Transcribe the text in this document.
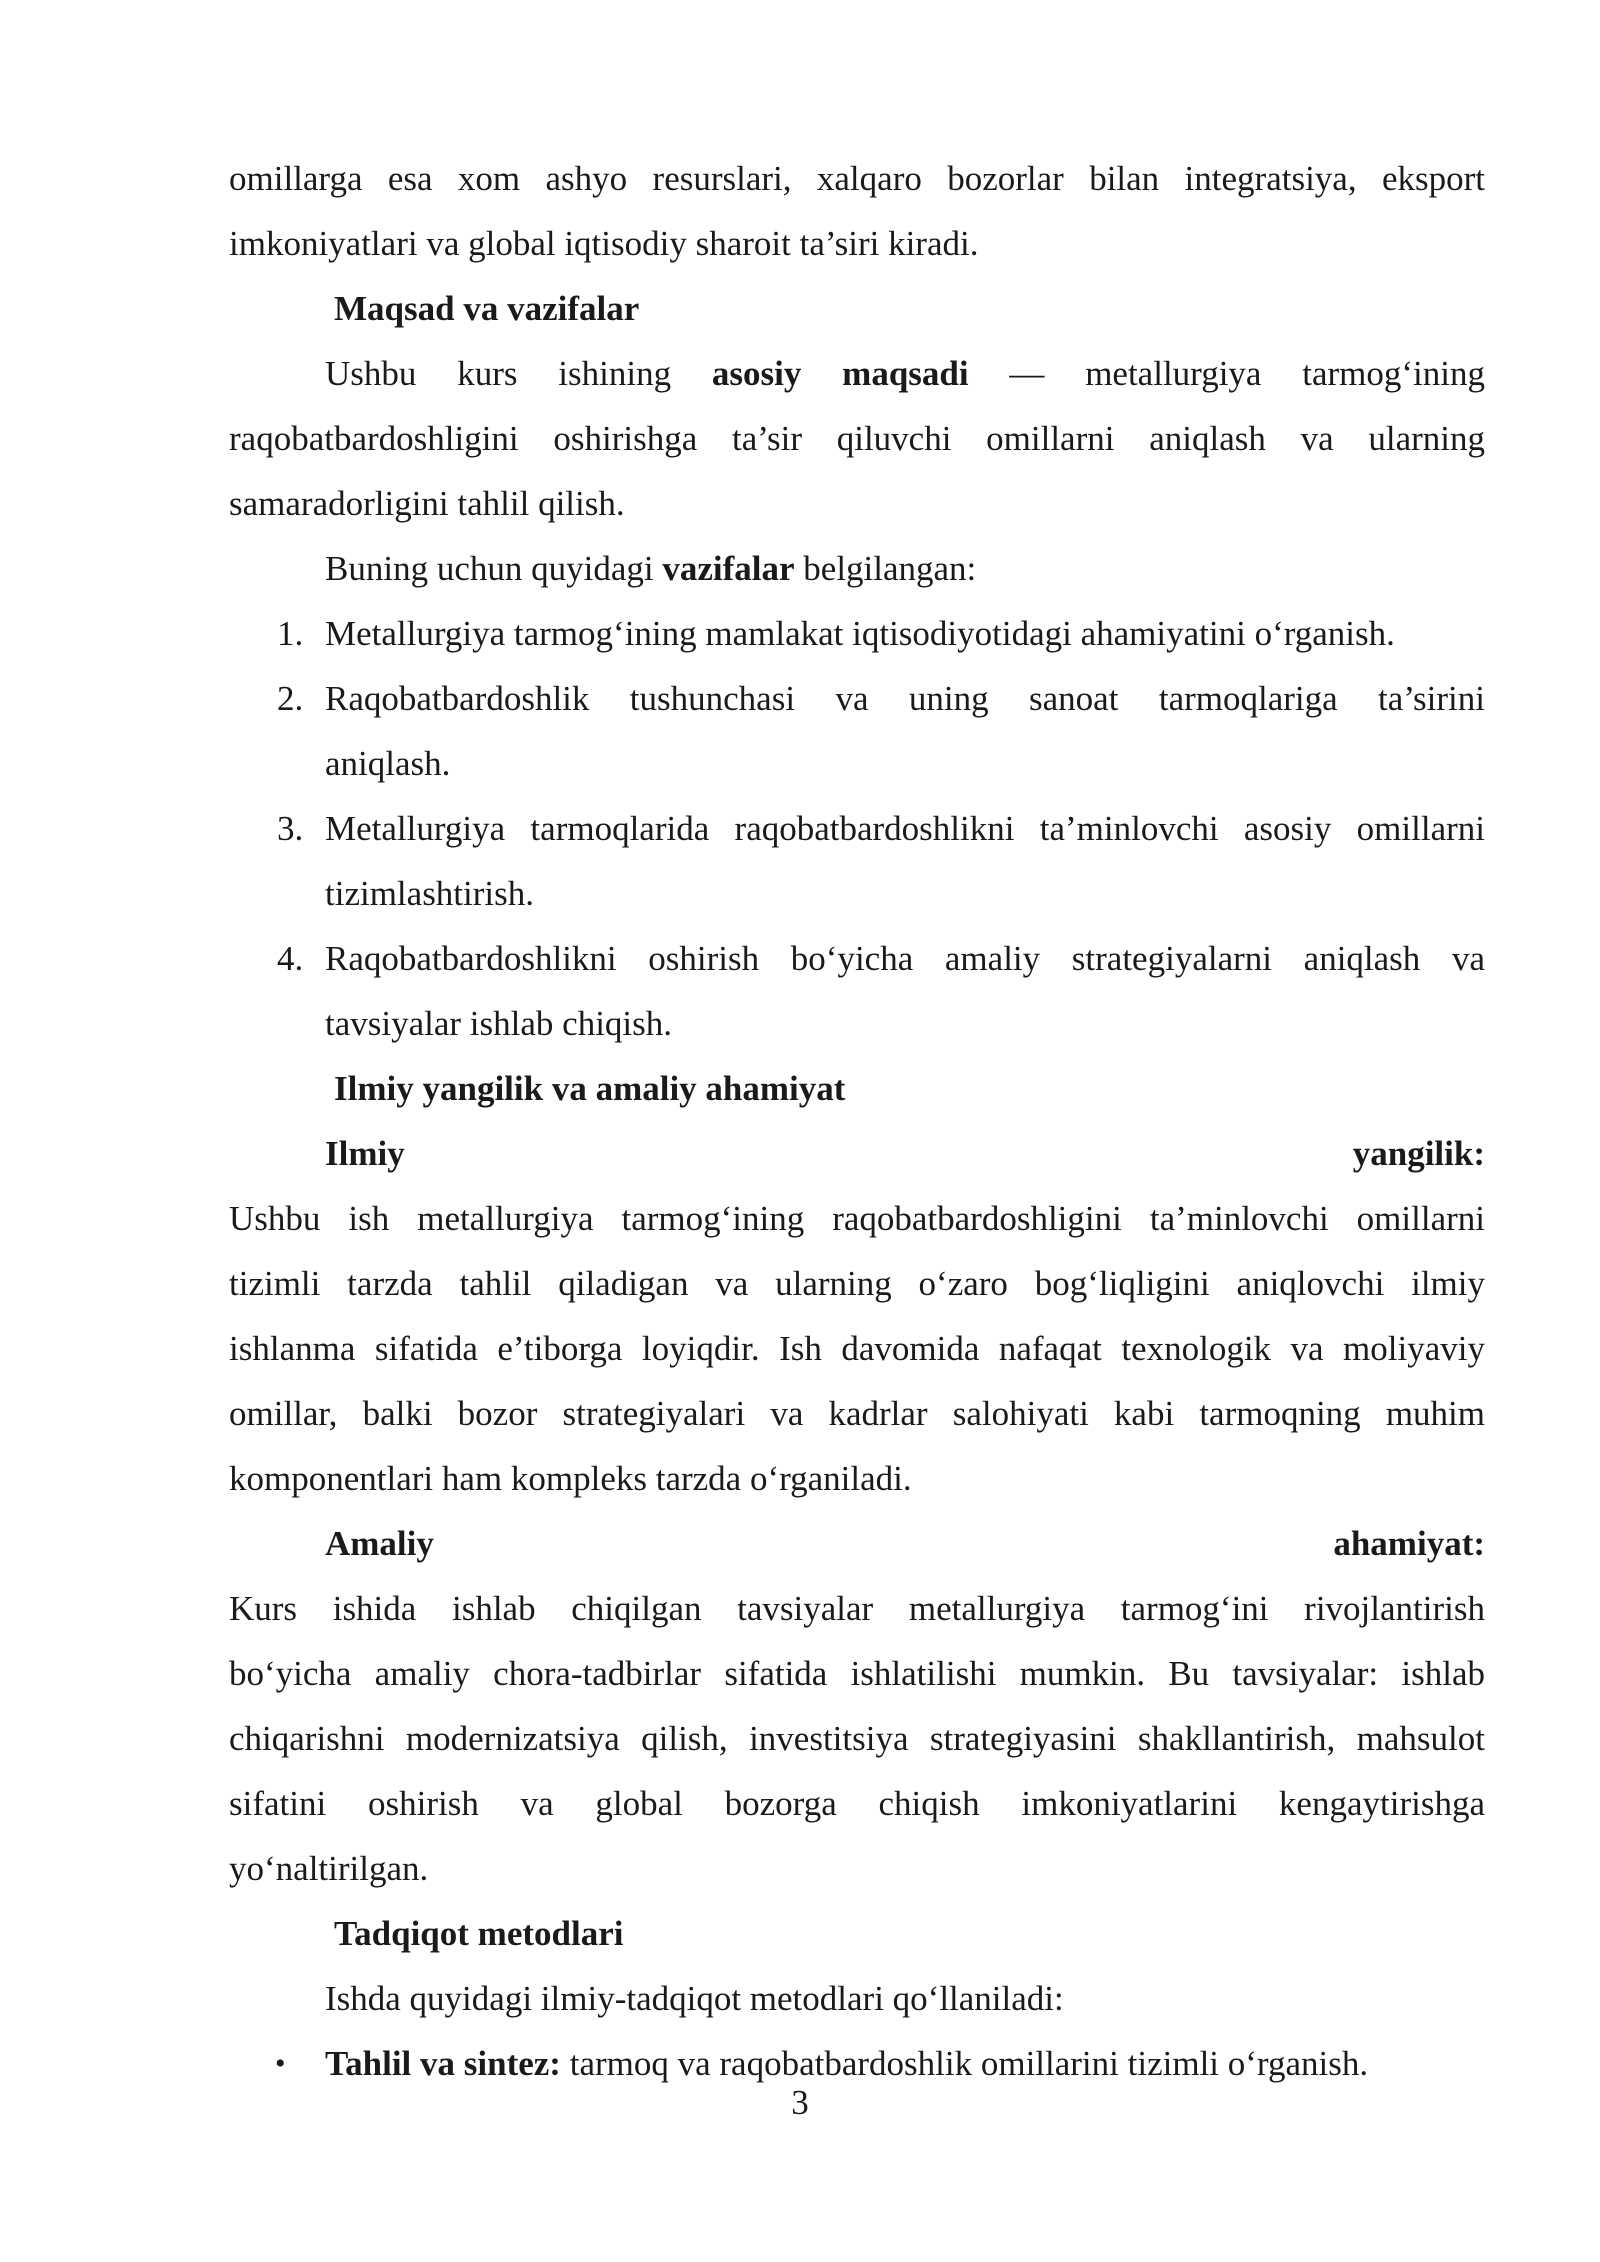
omillarga esa xom ashyo resurslari, xalqaro bozorlar bilan integratsiya, eksport
imkoniyatlari va global iqtisodiy sharoit ta’siri kiradi.
Maqsad va vazifalar
Ushbu kurs ishining asosiy maqsadi — metallurgiya tarmog‘ining
raqobatbardoshligini oshirishga ta’sir qiluvchi omillarni aniqlash va ularning
samaradorligini tahlil qilish.
Buning uchun quyidagi vazifalar belgilangan:
1. Metallurgiya tarmog‘ining mamlakat iqtisodiyotidagi ahamiyatini o‘rganish.
2. Raqobatbardoshlik tushunchasi va uning sanoat tarmoqlariga ta’sirini
aniqlash.
3. Metallurgiya tarmoqlarida raqobatbardoshlikni ta’minlovchi asosiy omillarni
tizimlashtirish.
4. Raqobatbardoshlikni oshirish bo‘yicha amaliy strategiyalarni aniqlash va
tavsiyalar ishlab chiqish.
Ilmiy yangilik va amaliy ahamiyat
Ilmiy	yangilik:
Ushbu ish metallurgiya tarmog‘ining raqobatbardoshligini ta’minlovchi omillarni
tizimli tarzda tahlil qiladigan va ularning o‘zaro bog‘liqligini aniqlovchi ilmiy
ishlanma sifatida e’tiborga loyiqdir. Ish davomida nafaqat texnologik va moliyaviy
omillar, balki bozor strategiyalari va kadrlar salohiyati kabi tarmoqning muhim
komponentlari ham kompleks tarzda o‘rganiladi.
Amaliy	ahamiyat:
Kurs ishida ishlab chiqilgan tavsiyalar metallurgiya tarmog‘ini rivojlantirish
bo‘yicha amaliy chora-tadbirlar sifatida ishlatilishi mumkin. Bu tavsiyalar: ishlab
chiqarishni modernizatsiya qilish, investitsiya strategiyasini shakllantirish, mahsulot
sifatini oshirish va global bozorga chiqish imkoniyatlarini kengaytirishga
yo‘naltirilgan.
Tadqiqot metodlari
Ishda quyidagi ilmiy-tadqiqot metodlari qo‘llaniladi:
• Tahlil va sintez: tarmoq va raqobatbardoshlik omillarini tizimli o‘rganish.
3
